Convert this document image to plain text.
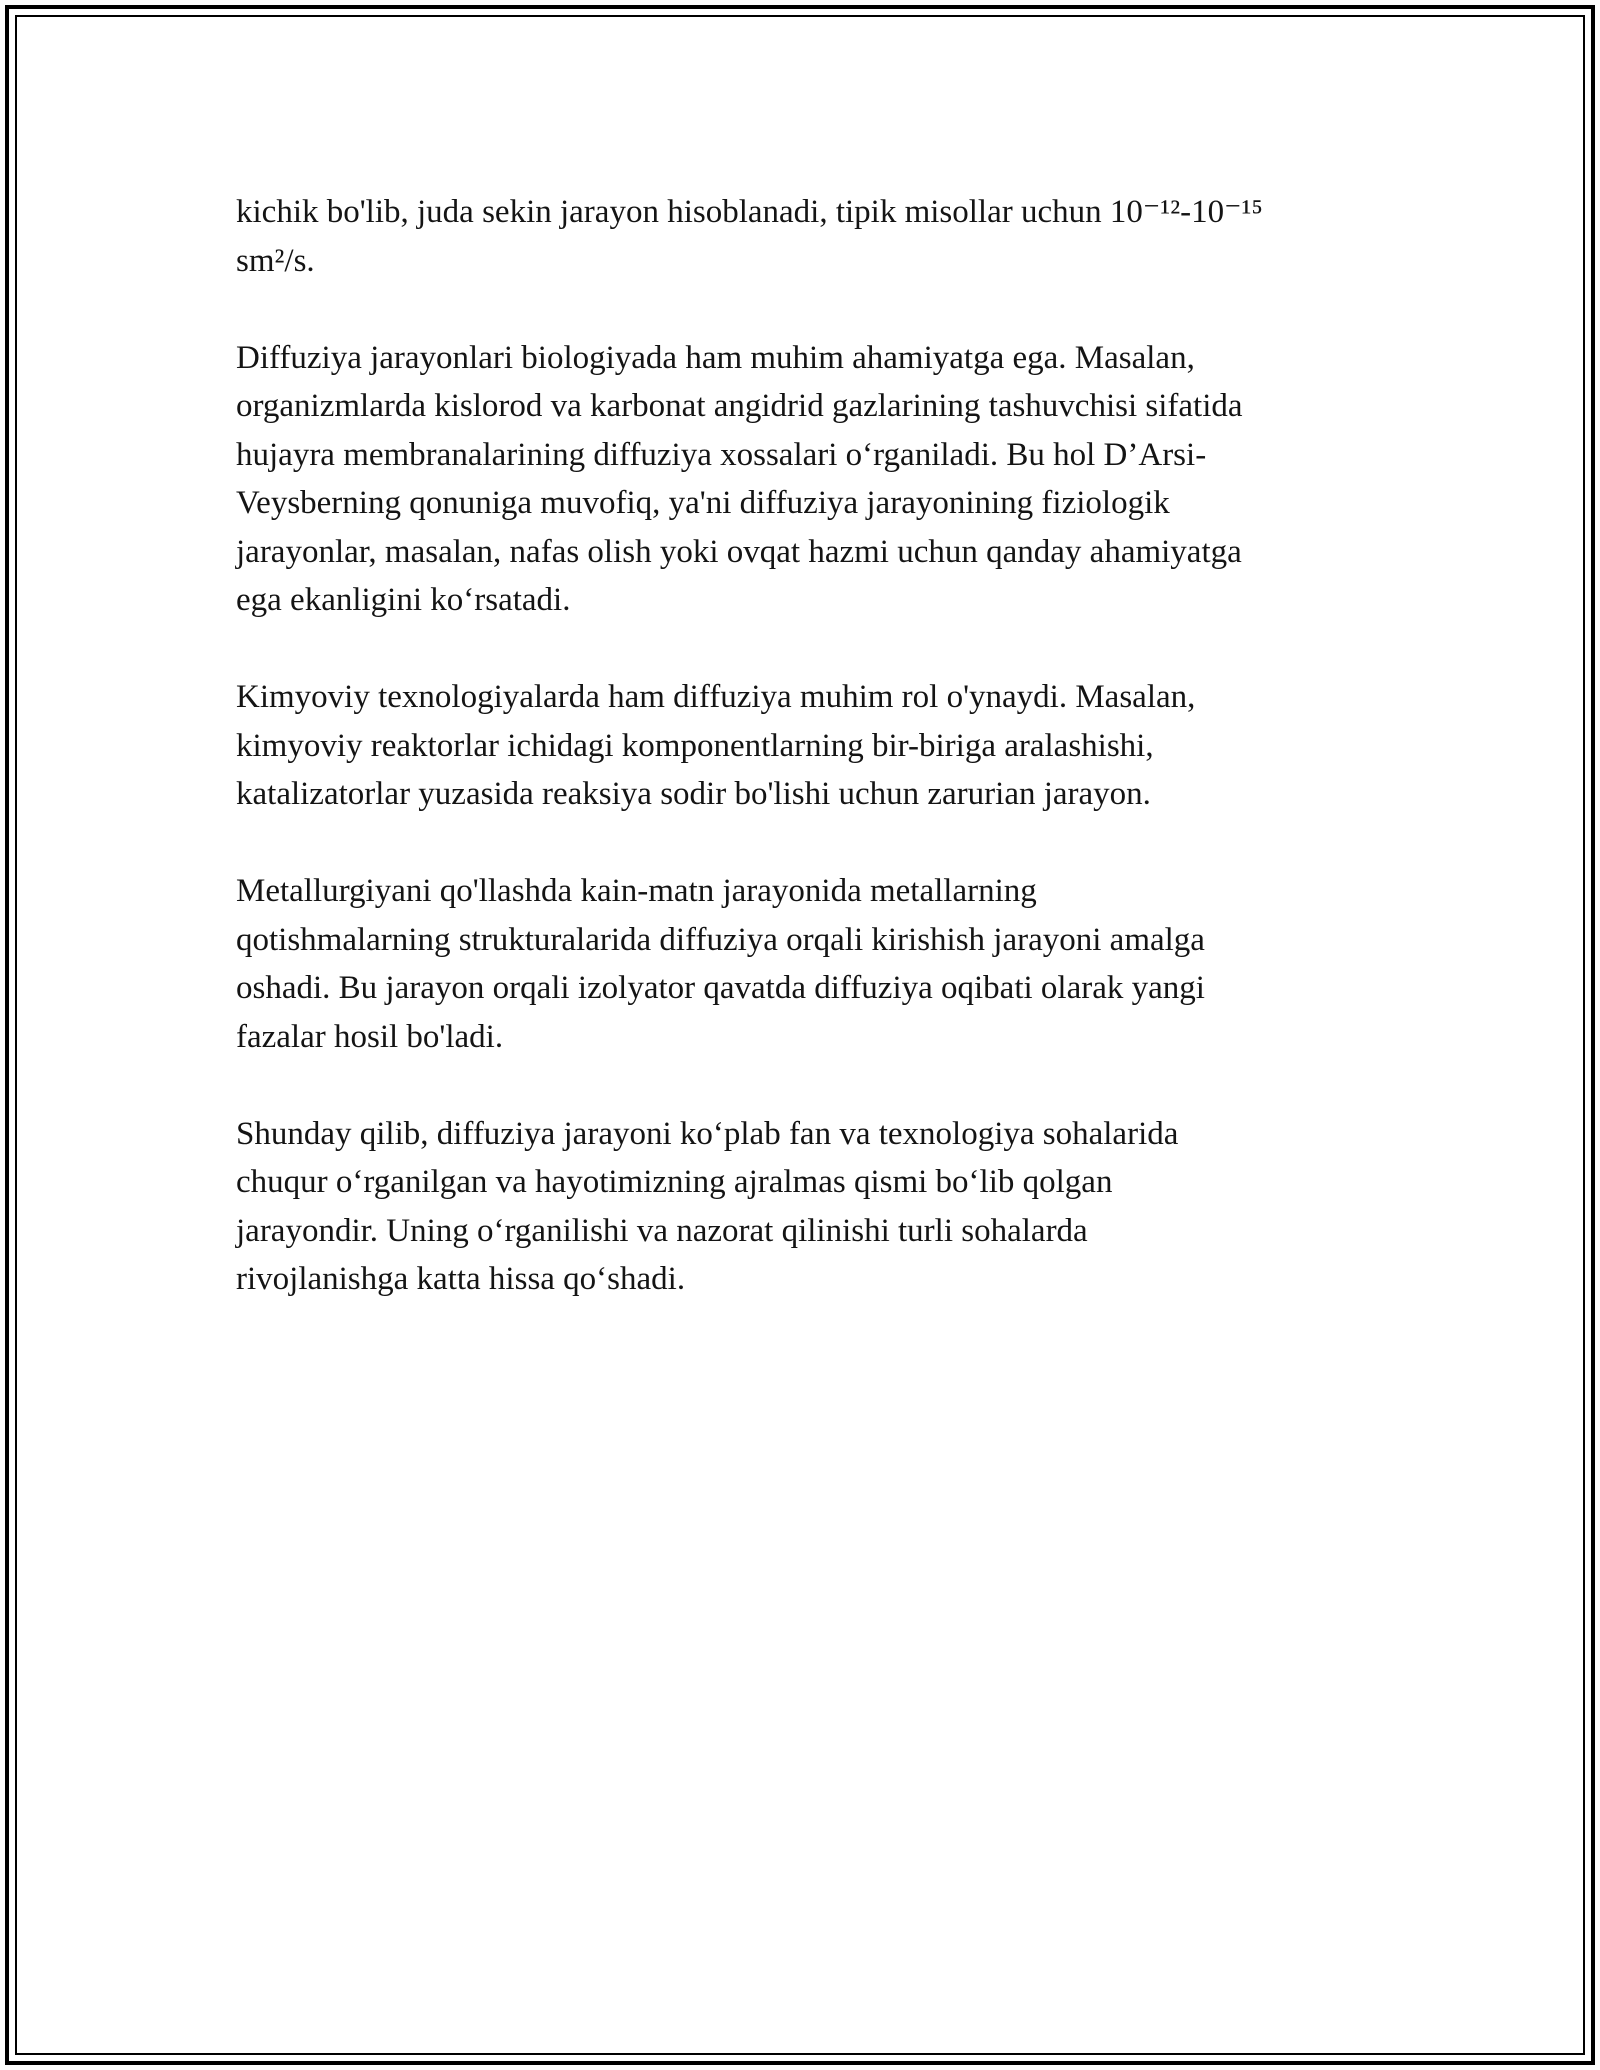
kichik bo'lib, juda sekin jarayon hisoblanadi, tipik misollar uchun 10⁻¹²-10⁻¹⁵
sm²/s.

Diffuziya jarayonlari biologiyada ham muhim ahamiyatga ega. Masalan,
organizmlarda kislorod va karbonat angidrid gazlarining tashuvchisi sifatida
hujayra membranalarining diffuziya xossalari oʻrganiladi. Bu hol D’Arsi-
Veysberning qonuniga muvofiq, ya'ni diffuziya jarayonining fiziologik
jarayonlar, masalan, nafas olish yoki ovqat hazmi uchun qanday ahamiyatga
ega ekanligini koʻrsatadi.

Kimyoviy texnologiyalarda ham diffuziya muhim rol o'ynaydi. Masalan,
kimyoviy reaktorlar ichidagi komponentlarning bir-biriga aralashishi,
katalizatorlar yuzasida reaksiya sodir bo'lishi uchun zarurian jarayon.

Metallurgiyani qo'llashda kain-matn jarayonida metallarning
qotishmalarning strukturalarida diffuziya orqali kirishish jarayoni amalga
oshadi. Bu jarayon orqali izolyator qavatda diffuziya oqibati olarak yangi
fazalar hosil bo'ladi.

Shunday qilib, diffuziya jarayoni koʻplab fan va texnologiya sohalarida
chuqur oʻrganilgan va hayotimizning ajralmas qismi boʻlib qolgan
jarayondir. Uning oʻrganilishi va nazorat qilinishi turli sohalarda
rivojlanishga katta hissa qoʻshadi.
